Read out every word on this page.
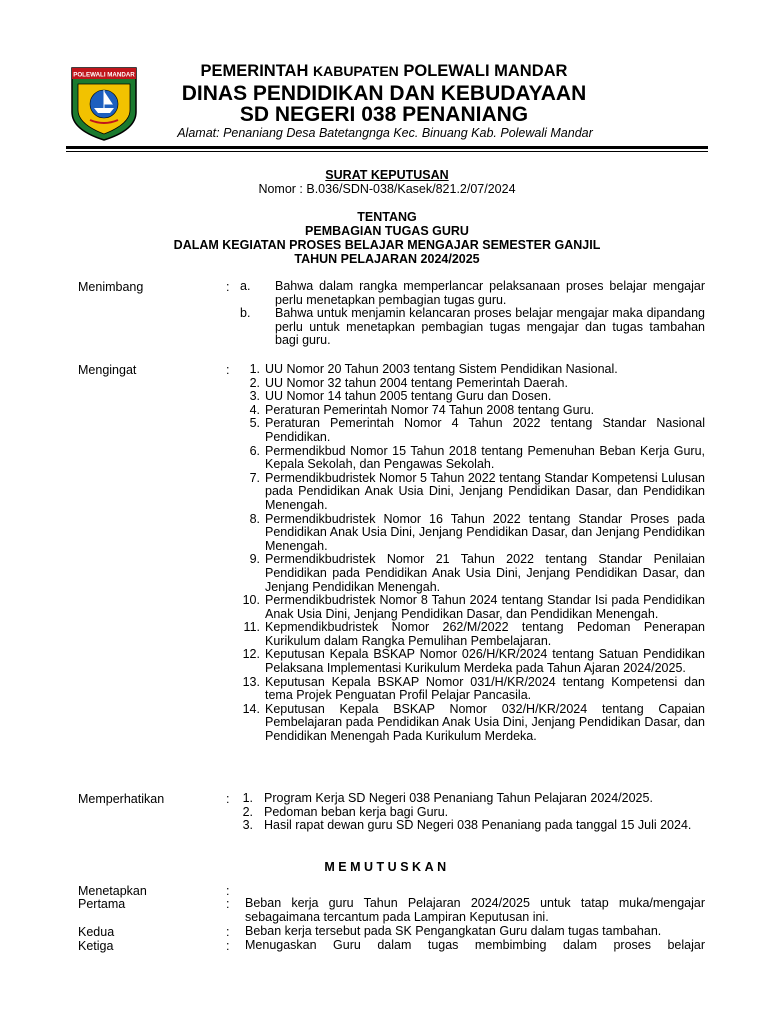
POLEWALI MANDAR	PEMERINTAH KABUPATEN POLEWALI MANDAR
DINAS PENDIDIKAN DAN KEBUDAYAAN
SD NEGERI 038 PENANIANG
Alamat: Penaniang Desa Batetangnga Kec. Binuang Kab. Polewali Mandar
SURAT KEPUTUSAN
Nomor : B.036/SDN-038/Kasek/821.2/07/2024
TENTANG
PEMBAGIAN TUGAS GURU
DALAM KEGIATAN PROSES BELAJAR MENGAJAR SEMESTER GANJIL
TAHUN PELAJARAN 2024/2025
Menimbang	: a.	Bahwa dalam rangka memperlancar pelaksanaan proses belajar mengajar perlu menetapkan pembagian tugas guru.
b.	Bahwa untuk menjamin kelancaran proses belajar mengajar maka dipandang perlu untuk menetapkan pembagian tugas mengajar dan tugas tambahan bagi guru.
Mengingat	:	1. UU Nomor 20 Tahun 2003 tentang Sistem Pendidikan Nasional.
2. UU Nomor 32 tahun 2004 tentang Pemerintah Daerah.
3. UU Nomor 14 tahun 2005 tentang Guru dan Dosen.
4. Peraturan Pemerintah Nomor 74 Tahun 2008 tentang Guru.
5. Peraturan Pemerintah Nomor 4 Tahun 2022 tentang Standar Nasional Pendidikan.
6. Permendikbud Nomor 15 Tahun 2018 tentang Pemenuhan Beban Kerja Guru, Kepala Sekolah, dan Pengawas Sekolah.
7. Permendikbudristek Nomor 5 Tahun 2022 tentang Standar Kompetensi Lulusan pada Pendidikan Anak Usia Dini, Jenjang Pendidikan Dasar, dan Pendidikan Menengah.
8. Permendikbudristek Nomor 16 Tahun 2022 tentang Standar Proses pada Pendidikan Anak Usia Dini, Jenjang Pendidikan Dasar, dan Jenjang Pendidikan Menengah.
9. Permendikbudristek Nomor 21 Tahun 2022 tentang Standar Penilaian Pendidikan pada Pendidikan Anak Usia Dini, Jenjang Pendidikan Dasar, dan Jenjang Pendidikan Menengah.
10. Permendikbudristek Nomor 8 Tahun 2024 tentang Standar Isi pada Pendidikan Anak Usia Dini, Jenjang Pendidikan Dasar, dan Pendidikan Menengah.
11. Kepmendikbudristek Nomor 262/M/2022 tentang Pedoman Penerapan Kurikulum dalam Rangka Pemulihan Pembelajaran.
12. Keputusan Kepala BSKAP Nomor 026/H/KR/2024 tentang Satuan Pendidikan Pelaksana Implementasi Kurikulum Merdeka pada Tahun Ajaran 2024/2025.
13. Keputusan Kepala BSKAP Nomor 031/H/KR/2024 tentang Kompetensi dan tema Projek Penguatan Profil Pelajar Pancasila.
14. Keputusan Kepala BSKAP Nomor 032/H/KR/2024 tentang Capaian Pembelajaran pada Pendidikan Anak Usia Dini, Jenjang Pendidikan Dasar, dan Pendidikan Menengah Pada Kurikulum Merdeka.
Memperhatikan	:	1. Program Kerja SD Negeri 038 Penaniang Tahun Pelajaran 2024/2025.
2. Pedoman beban kerja bagi Guru.
3. Hasil rapat dewan guru SD Negeri 038 Penaniang pada tanggal 15 Juli 2024.
MEMUTUSKAN
Menetapkan	:
Pertama	: Beban kerja guru Tahun Pelajaran 2024/2025 untuk tatap muka/mengajar sebagaimana tercantum pada Lampiran Keputusan ini.
Kedua	: Beban kerja tersebut pada SK Pengangkatan Guru dalam tugas tambahan.
Ketiga	: Menugaskan Guru dalam tugas membimbing dalam proses belajar
